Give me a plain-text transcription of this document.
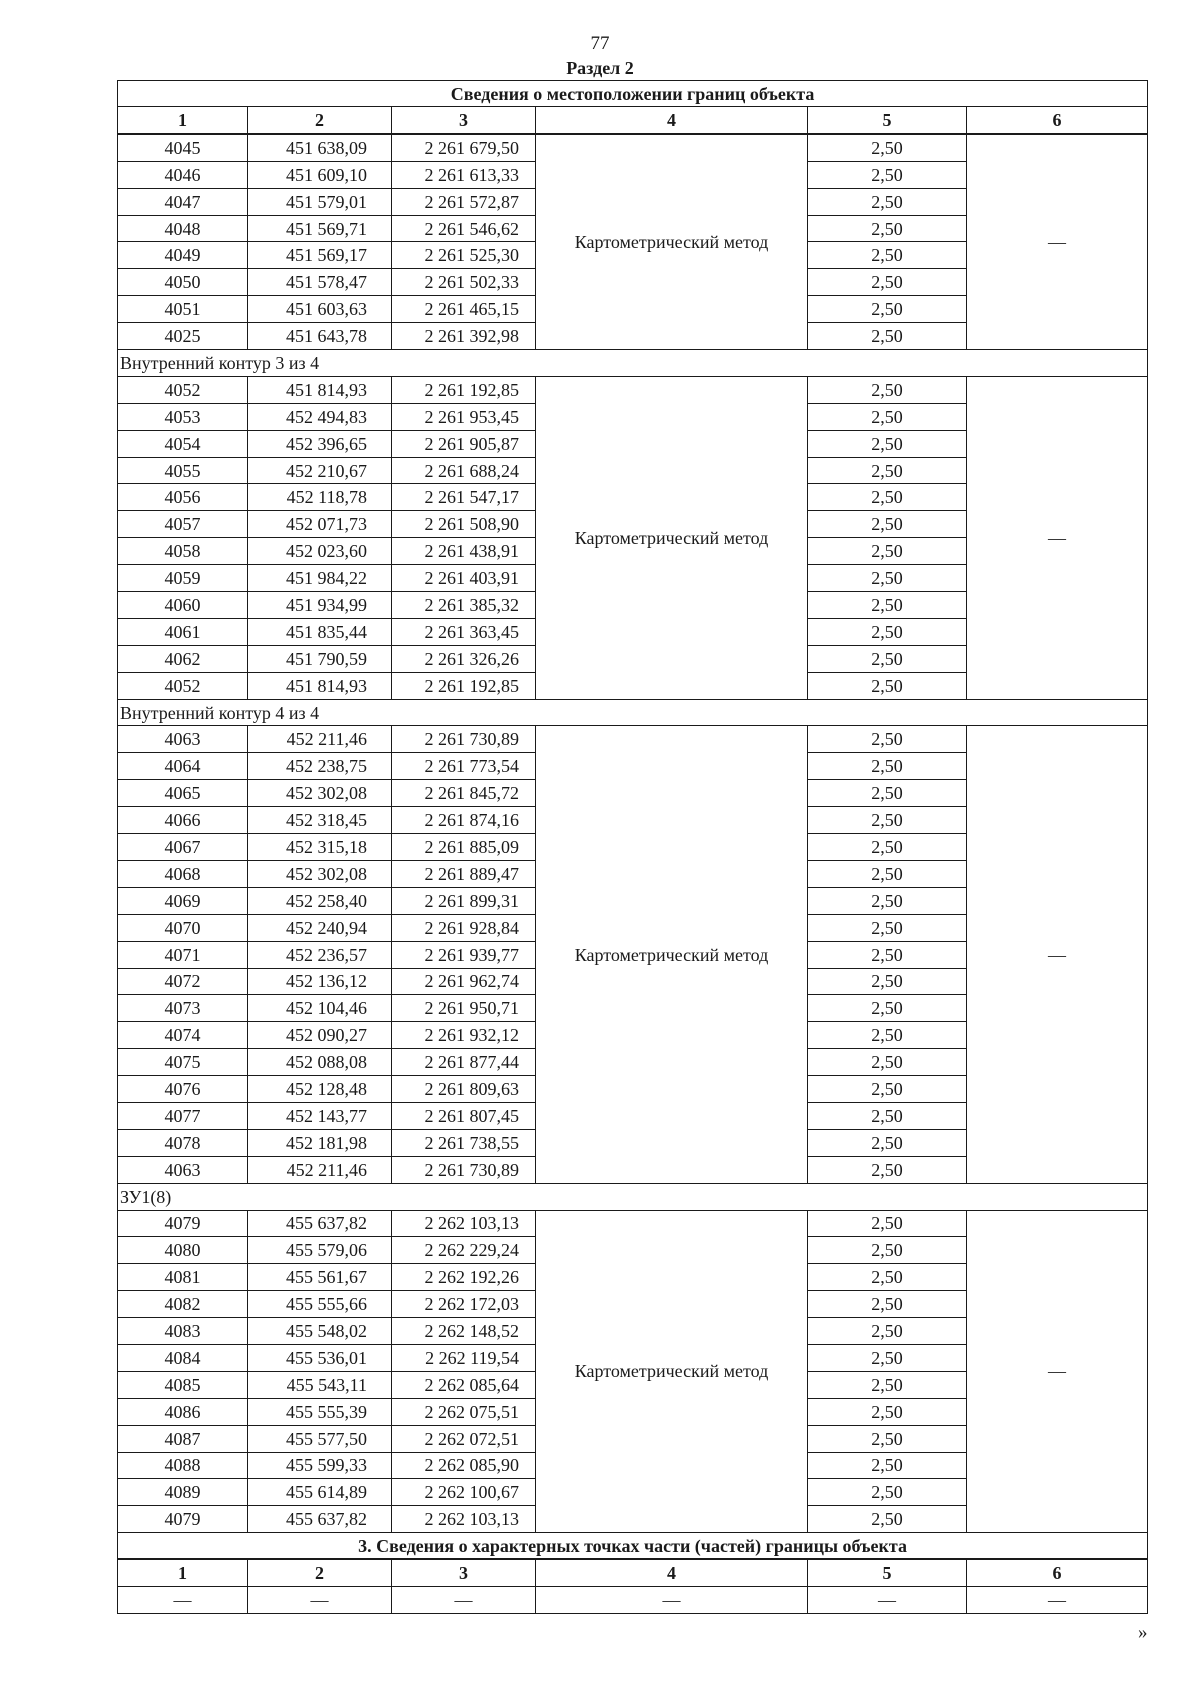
77
Раздел 2
Сведения о местоположении границ объекта					
1	2	3	4	5	6
4045	451 638,09	2 261 679,50	Картометрический метод	2,50	—
4046	451 609,10	2 261 613,33		2,50	
4047	451 579,01	2 261 572,87		2,50	
4048	451 569,71	2 261 546,62		2,50	
4049	451 569,17	2 261 525,30		2,50	
4050	451 578,47	2 261 502,33		2,50	
4051	451 603,63	2 261 465,15		2,50	
4025	451 643,78	2 261 392,98		2,50	
Внутренний контур 3 из 4					
4052	451 814,93	2 261 192,85	Картометрический метод	2,50	—
4053	452 494,83	2 261 953,45		2,50	
4054	452 396,65	2 261 905,87		2,50	
4055	452 210,67	2 261 688,24		2,50	
4056	452 118,78	2 261 547,17		2,50	
4057	452 071,73	2 261 508,90		2,50	
4058	452 023,60	2 261 438,91		2,50	
4059	451 984,22	2 261 403,91		2,50	
4060	451 934,99	2 261 385,32		2,50	
4061	451 835,44	2 261 363,45		2,50	
4062	451 790,59	2 261 326,26		2,50	
4052	451 814,93	2 261 192,85		2,50	
Внутренний контур 4 из 4					
4063	452 211,46	2 261 730,89	Картометрический метод	2,50	—
4064	452 238,75	2 261 773,54		2,50	
4065	452 302,08	2 261 845,72		2,50	
4066	452 318,45	2 261 874,16		2,50	
4067	452 315,18	2 261 885,09		2,50	
4068	452 302,08	2 261 889,47		2,50	
4069	452 258,40	2 261 899,31		2,50	
4070	452 240,94	2 261 928,84		2,50	
4071	452 236,57	2 261 939,77		2,50	
4072	452 136,12	2 261 962,74		2,50	
4073	452 104,46	2 261 950,71		2,50	
4074	452 090,27	2 261 932,12		2,50	
4075	452 088,08	2 261 877,44		2,50	
4076	452 128,48	2 261 809,63		2,50	
4077	452 143,77	2 261 807,45		2,50	
4078	452 181,98	2 261 738,55		2,50	
4063	452 211,46	2 261 730,89		2,50	
ЗУ1(8)					
4079	455 637,82	2 262 103,13	Картометрический метод	2,50	—
4080	455 579,06	2 262 229,24		2,50	
4081	455 561,67	2 262 192,26		2,50	
4082	455 555,66	2 262 172,03		2,50	
4083	455 548,02	2 262 148,52		2,50	
4084	455 536,01	2 262 119,54		2,50	
4085	455 543,11	2 262 085,64		2,50	
4086	455 555,39	2 262 075,51		2,50	
4087	455 577,50	2 262 072,51		2,50	
4088	455 599,33	2 262 085,90		2,50	
4089	455 614,89	2 262 100,67		2,50	
4079	455 637,82	2 262 103,13		2,50	
3. Сведения о характерных точках части (частей) границы объекта					
1	2	3	4	5	6
—	—	—	—	—	—
»
